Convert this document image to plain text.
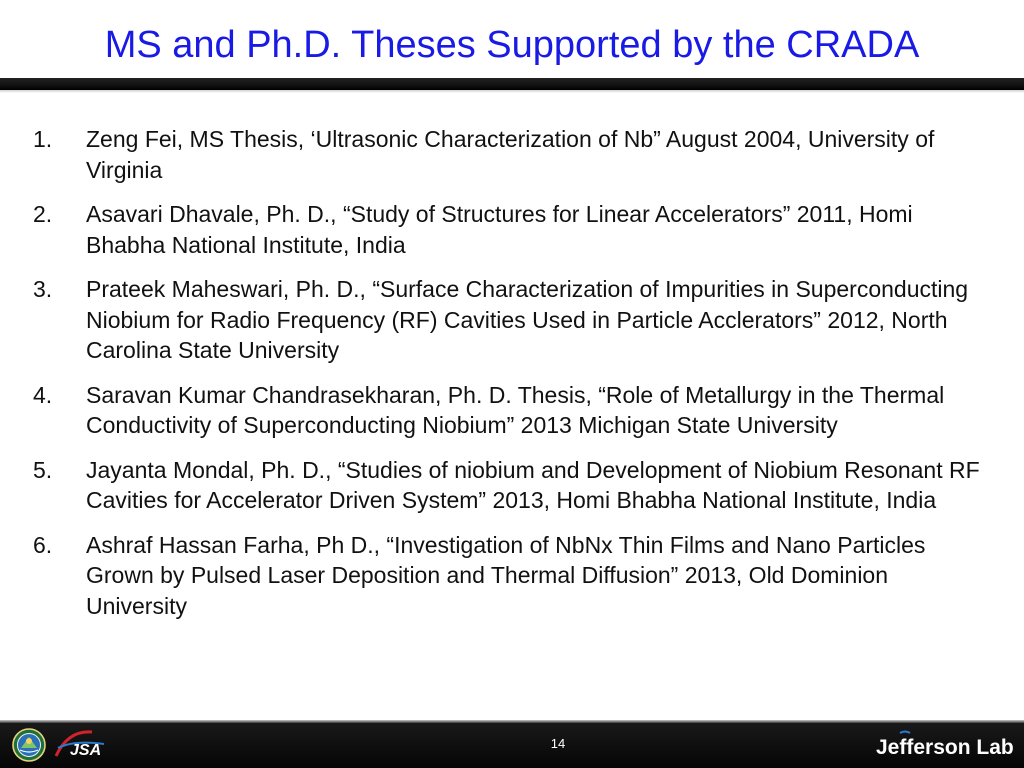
MS and Ph.D. Theses Supported by the CRADA
1. Zeng Fei, MS Thesis, ‘Ultrasonic Characterization of Nb” August 2004, University of Virginia
2. Asavari Dhavale, Ph. D., “Study of Structures for Linear Accelerators” 2011, Homi Bhabha National Institute, India
3. Prateek Maheswari, Ph. D., “Surface Characterization of Impurities in Superconducting Niobium for Radio Frequency (RF) Cavities Used in Particle Acclerators” 2012, North Carolina State University
4. Saravan Kumar Chandrasekharan, Ph. D. Thesis, “Role of Metallurgy in the Thermal Conductivity of Superconducting Niobium” 2013 Michigan State University
5. Jayanta Mondal, Ph. D., “Studies of niobium and Development of Niobium Resonant RF Cavities for Accelerator Driven System” 2013, Homi Bhabha National Institute, India
6. Ashraf Hassan Farha, Ph D., “Investigation of NbNx Thin Films and Nano Particles Grown by Pulsed Laser Deposition and Thermal Diffusion” 2013, Old Dominion University
JSA	14	Jefferson Lab
